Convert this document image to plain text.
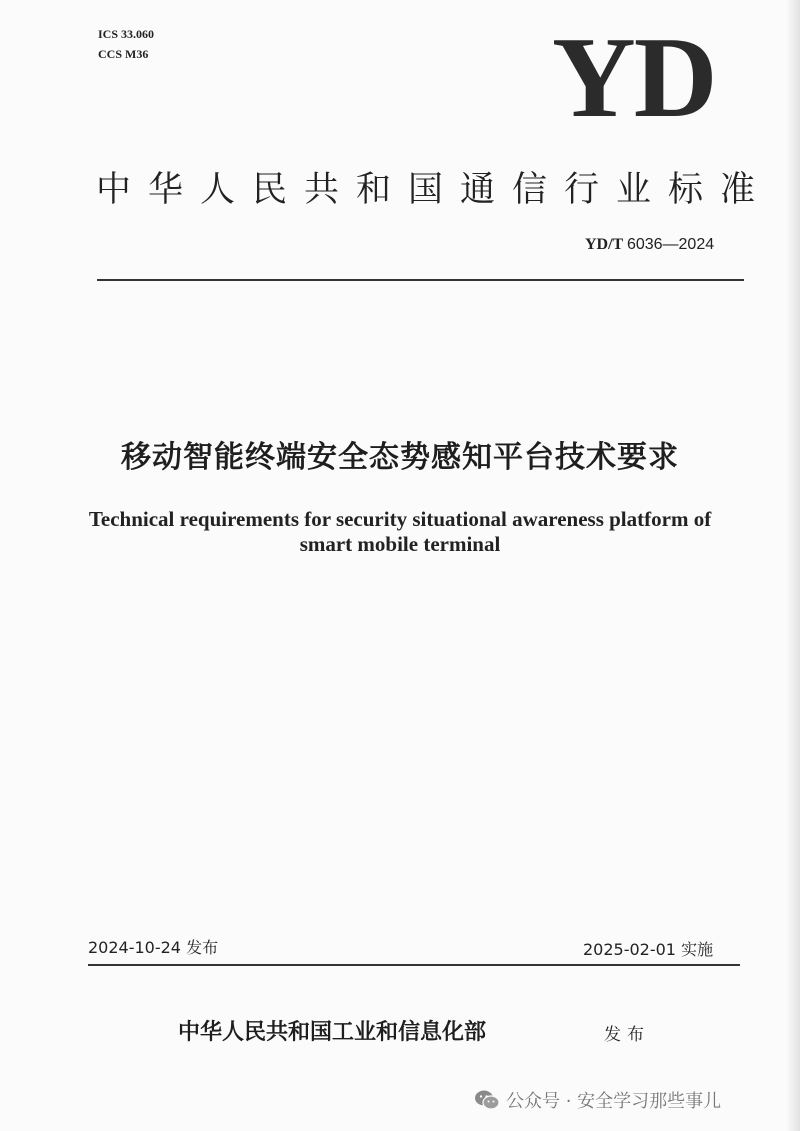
ICS 33.060
CCS M36	YD
中华人民共和国通信行业标准
YD/T 6036—2024
移动智能终端安全态势感知平台技术要求
Technical requirements for security situational awareness platform of
smart mobile terminal
2024-10-24 发布	2025-02-01 实施
中华人民共和国工业和信息化部	发布
公众号 · 安全学习那些事儿
